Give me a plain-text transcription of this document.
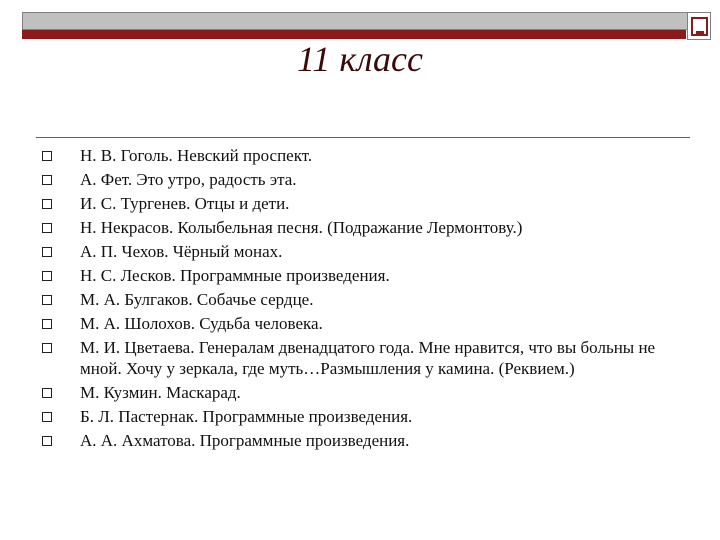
11 класс
Н. В. Гоголь. Невский проспект.
А. Фет. Это утро, радость эта.
И. С. Тургенев. Отцы и дети.
Н. Некрасов. Колыбельная песня. (Подражание Лермонтову.)
А. П. Чехов. Чёрный монах.
Н. С. Лесков. Программные произведения.
М. А. Булгаков. Собачье сердце.
М. А. Шолохов. Судьба человека.
М. И. Цветаева. Генералам двенадцатого года. Мне нравится, что вы больны не мной. Хочу у зеркала, где муть…Размышления у камина. (Реквием.)
М. Кузмин. Маскарад.
Б. Л. Пастернак. Программные произведения.
А. А. Ахматова. Программные произведения.
